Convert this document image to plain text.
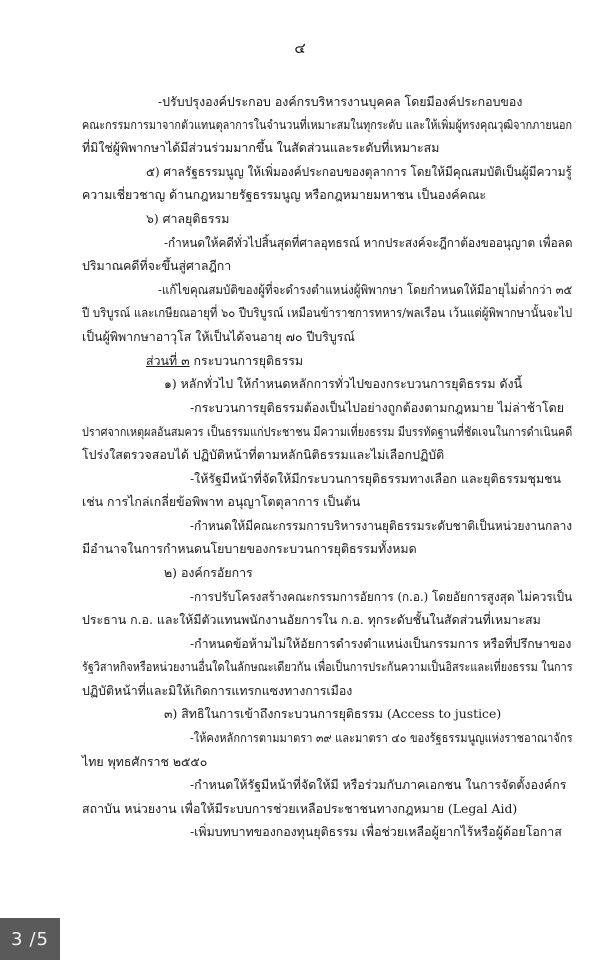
๔
-ปรับปรุงองค์ประกอบ องค์กรบริหารงานบุคคล โดยมีองค์ประกอบของ
คณะกรรมการมาจากตัวแทนตุลาการในจำนวนที่เหมาะสมในทุกระดับ และให้เพิ่มผู้ทรงคุณวุฒิจากภายนอก
ที่มิใช่ผู้พิพากษาได้มีส่วนร่วมมากขึ้น ในสัดส่วนและระดับที่เหมาะสม
๕) ศาลรัฐธรรมนูญ ให้เพิ่มองค์ประกอบของตุลาการ โดยให้มีคุณสมบัติเป็นผู้มีความรู้
ความเชี่ยวชาญ ด้านกฎหมายรัฐธรรมนูญ หรือกฎหมายมหาชน เป็นองค์คณะ
๖) ศาลยุติธรรม
-กำหนดให้คดีทั่วไปสิ้นสุดที่ศาลอุทธรณ์ หากประสงค์จะฎีกาต้องขออนุญาต เพื่อลด
ปริมาณคดีที่จะขึ้นสู่ศาลฎีกา
-แก้ไขคุณสมบัติของผู้ที่จะดำรงตำแหน่งผู้พิพากษา โดยกำหนดให้มีอายุไม่ต่ำกว่า ๓๕
ปี บริบูรณ์ และเกษียณอายุที่ ๖๐ ปีบริบูรณ์ เหมือนข้าราชการทหาร/พลเรือน เว้นแต่ผู้พิพากษานั้นจะไป
เป็นผู้พิพากษาอาวุโส ให้เป็นได้จนอายุ ๗๐ ปีบริบูรณ์
ส่วนที่ ๓ กระบวนการยุติธรรม
๑) หลักทั่วไป ให้กำหนดหลักการทั่วไปของกระบวนการยุติธรรม ดังนี้
-กระบวนการยุติธรรมต้องเป็นไปอย่างถูกต้องตามกฎหมาย ไม่ล่าช้าโดย
ปราศจากเหตุผลอันสมควร เป็นธรรมแก่ประชาชน มีความเที่ยงธรรม มีบรรทัดฐานที่ชัดเจนในการดำเนินคดี
โปร่งใสตรวจสอบได้ ปฏิบัติหน้าที่ตามหลักนิติธรรมและไม่เลือกปฏิบัติ
-ให้รัฐมีหน้าที่จัดให้มีกระบวนการยุติธรรมทางเลือก และยุติธรรมชุมชน
เช่น การไกล่เกลี่ยข้อพิพาท อนุญาโตตุลาการ เป็นต้น
-กำหนดให้มีคณะกรรมการบริหารงานยุติธรรมระดับชาติเป็นหน่วยงานกลาง
มีอำนาจในการกำหนดนโยบายของกระบวนการยุติธรรมทั้งหมด
๒) องค์กรอัยการ
-การปรับโครงสร้างคณะกรรมการอัยการ (ก.อ.) โดยอัยการสูงสุด ไม่ควรเป็น
ประธาน ก.อ. และให้มีตัวแทนพนักงานอัยการใน ก.อ. ทุกระดับชั้นในสัดส่วนที่เหมาะสม
-กำหนดข้อห้ามไม่ให้อัยการดำรงตำแหน่งเป็นกรรมการ หรือที่ปรึกษาของ
รัฐวิสาหกิจหรือหน่วยงานอื่นใดในลักษณะเดียวกัน เพื่อเป็นการประกันความเป็นอิสระและเที่ยงธรรม ในการ
ปฏิบัติหน้าที่และมิให้เกิดการแทรกแซงทางการเมือง
๓) สิทธิในการเข้าถึงกระบวนการยุติธรรม (Access to justice)
-ให้คงหลักการตามมาตรา ๓๙ และมาตรา ๔๐ ของรัฐธรรมนูญแห่งราชอาณาจักร
ไทย พุทธศักราช ๒๕๕๐
-กำหนดให้รัฐมีหน้าที่จัดให้มี หรือร่วมกับภาคเอกชน ในการจัดตั้งองค์กร
สถาบัน หน่วยงาน เพื่อให้มีระบบการช่วยเหลือประชาชนทางกฎหมาย (Legal Aid)
-เพิ่มบทบาทของกองทุนยุติธรรม เพื่อช่วยเหลือผู้ยากไร้หรือผู้ด้อยโอกาส
3 /5
